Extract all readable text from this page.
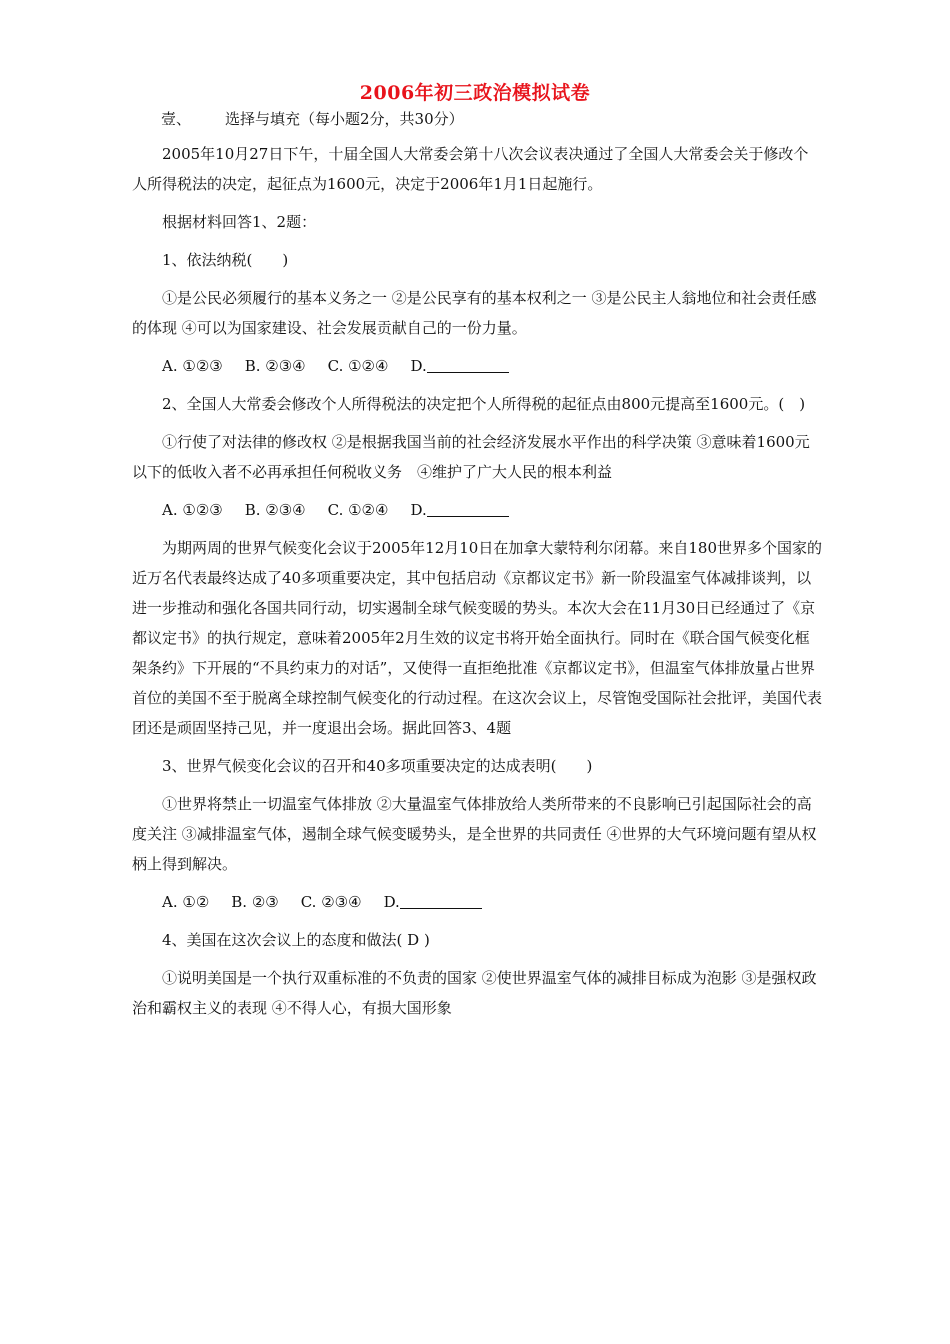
2006年初三政治模拟试卷
壹、 选择与填充（每小题2分，共30分）

2005年10月27日下午，十届全国人大常委会第十八次会议表决通过了全国人大常委会关于修改个人所得税法的决定，起征点为1600元，决定于2006年1月1日起施行。

根据材料回答1、2题：

1、依法纳税(　　)

①是公民必须履行的基本义务之一 ②是公民享有的基本权利之一 ③是公民主人翁地位和社会责任感的体现 ④可以为国家建设、社会发展贡献自己的一份力量。

A. ①②③ B. ②③④ C. ①②④ D.

2、全国人大常委会修改个人所得税法的决定把个人所得税的起征点由800元提高至1600元。(　)

①行使了对法律的修改权 ②是根据我国当前的社会经济发展水平作出的科学决策 ③意味着1600元以下的低收入者不必再承担任何税收义务　④维护了广大人民的根本利益

A. ①②③ B. ②③④ C. ①②④ D.

为期两周的世界气候变化会议于2005年12月10日在加拿大蒙特利尔闭幕。来自180世界多个国家的近万名代表最终达成了40多项重要决定，其中包括启动《京都议定书》新一阶段温室气体减排谈判，以进一步推动和强化各国共同行动，切实遏制全球气候变暖的势头。本次大会在11月30日已经通过了《京都议定书》的执行规定，意味着2005年2月生效的议定书将开始全面执行。同时在《联合国气候变化框架条约》下开展的“不具约束力的对话”，又使得一直拒绝批准《京都议定书》，但温室气体排放量占世界首位的美国不至于脱离全球控制气候变化的行动过程。在这次会议上，尽管饱受国际社会批评，美国代表团还是顽固坚持己见，并一度退出会场。据此回答3、4题

3、世界气候变化会议的召开和40多项重要决定的达成表明(　　)

①世界将禁止一切温室气体排放 ②大量温室气体排放给人类所带来的不良影响已引起国际社会的高度关注 ③减排温室气体，遏制全球气候变暖势头，是全世界的共同责任 ④世界的大气环境问题有望从权柄上得到解决。

A. ①② B. ②③ C. ②③④ D.

4、美国在这次会议上的态度和做法( D )

①说明美国是一个执行双重标准的不负责的国家 ②使世界温室气体的减排目标成为泡影 ③是强权政治和霸权主义的表现 ④不得人心，有损大国形象
